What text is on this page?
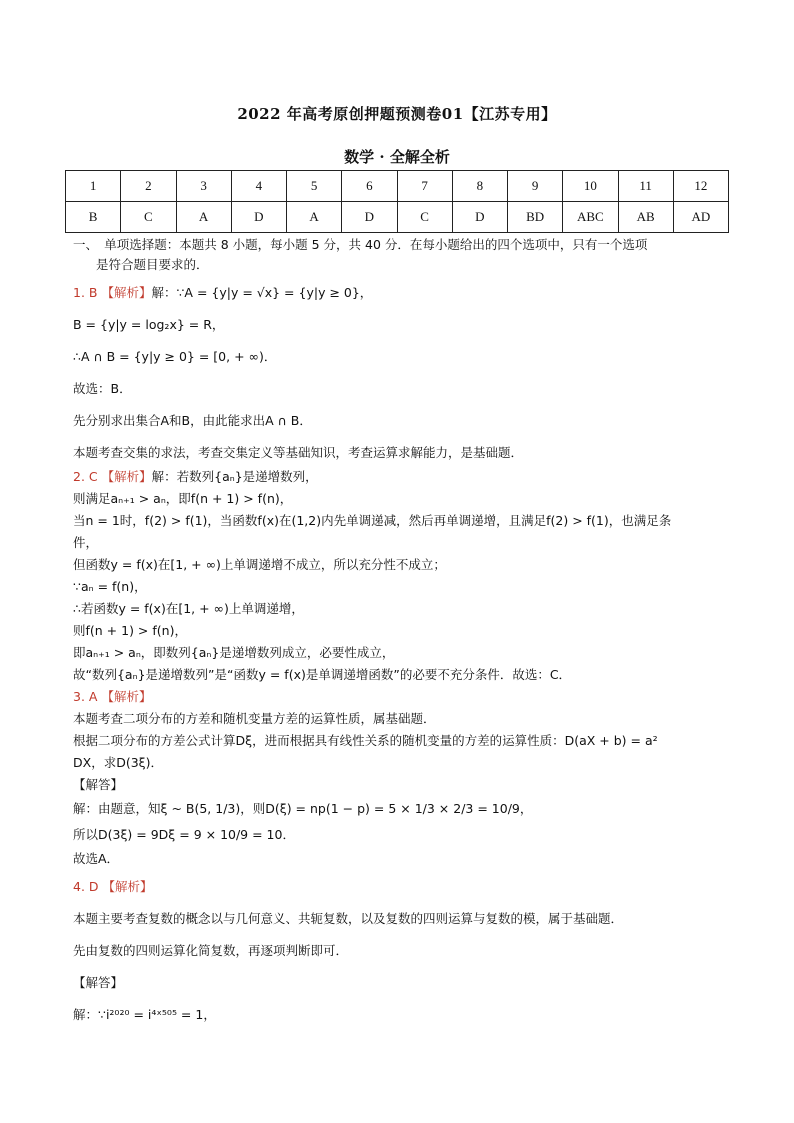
2022 年高考原创押题预测卷01【江苏专用】
数学 · 全解全析
1	2	3	4	5	6	7	8	9	10	11	12
B	C	A	D	A	D	C	D	BD	ABC	AB	AD
一、　单项选择题：本题共 8 小题，每小题 5 分，共 40 分．在每小题给出的四个选项中，只有一个选项
是符合题目要求的．
1. B 【解析】解：∵A = {y|y = √x} = {y|y ≥ 0}，
B = {y|y = log₂x} = R，
∴A ∩ B = {y|y ≥ 0} = [0, + ∞)．
故选：B．
先分别求出集合A和B，由此能求出A ∩ B．
本题考查交集的求法，考查交集定义等基础知识，考查运算求解能力，是基础题．
2. C 【解析】解：若数列{aₙ}是递增数列，
则满足aₙ₊₁ > aₙ，即f(n + 1) > f(n)，
当n = 1时，f(2) > f(1)，当函数f(x)在(1,2)内先单调递减，然后再单调递增，且满足f(2) > f(1)，也满足条
件，
但函数y = f(x)在[1, + ∞)上单调递增不成立，所以充分性不成立；
∵aₙ = f(n)，
∴若函数y = f(x)在[1, + ∞)上单调递增，
则f(n + 1) > f(n)，
即aₙ₊₁ > aₙ，即数列{aₙ}是递增数列成立，必要性成立，
故“数列{aₙ}是递增数列”是“函数y = f(x)是单调递增函数”的必要不充分条件．故选：C．
3. A 【解析】
本题考查二项分布的方差和随机变量方差的运算性质，属基础题．
根据二项分布的方差公式计算Dξ，进而根据具有线性关系的随机变量的方差的运算性质：D(aX + b) = a²
DX，求D(3ξ)．
【解答】
解：由题意，知ξ ~ B(5, 1/3)，则D(ξ) = np(1 − p) = 5 × 1/3 × 2/3 = 10/9，
所以D(3ξ) = 9Dξ = 9 × 10/9 = 10．
故选A．
4. D 【解析】
本题主要考查复数的概念以与几何意义、共轭复数，以及复数的四则运算与复数的模，属于基础题．
先由复数的四则运算化简复数，再逐项判断即可．
【解答】
解：∵i²⁰²⁰ = i⁴ˣ⁵⁰⁵ = 1，
